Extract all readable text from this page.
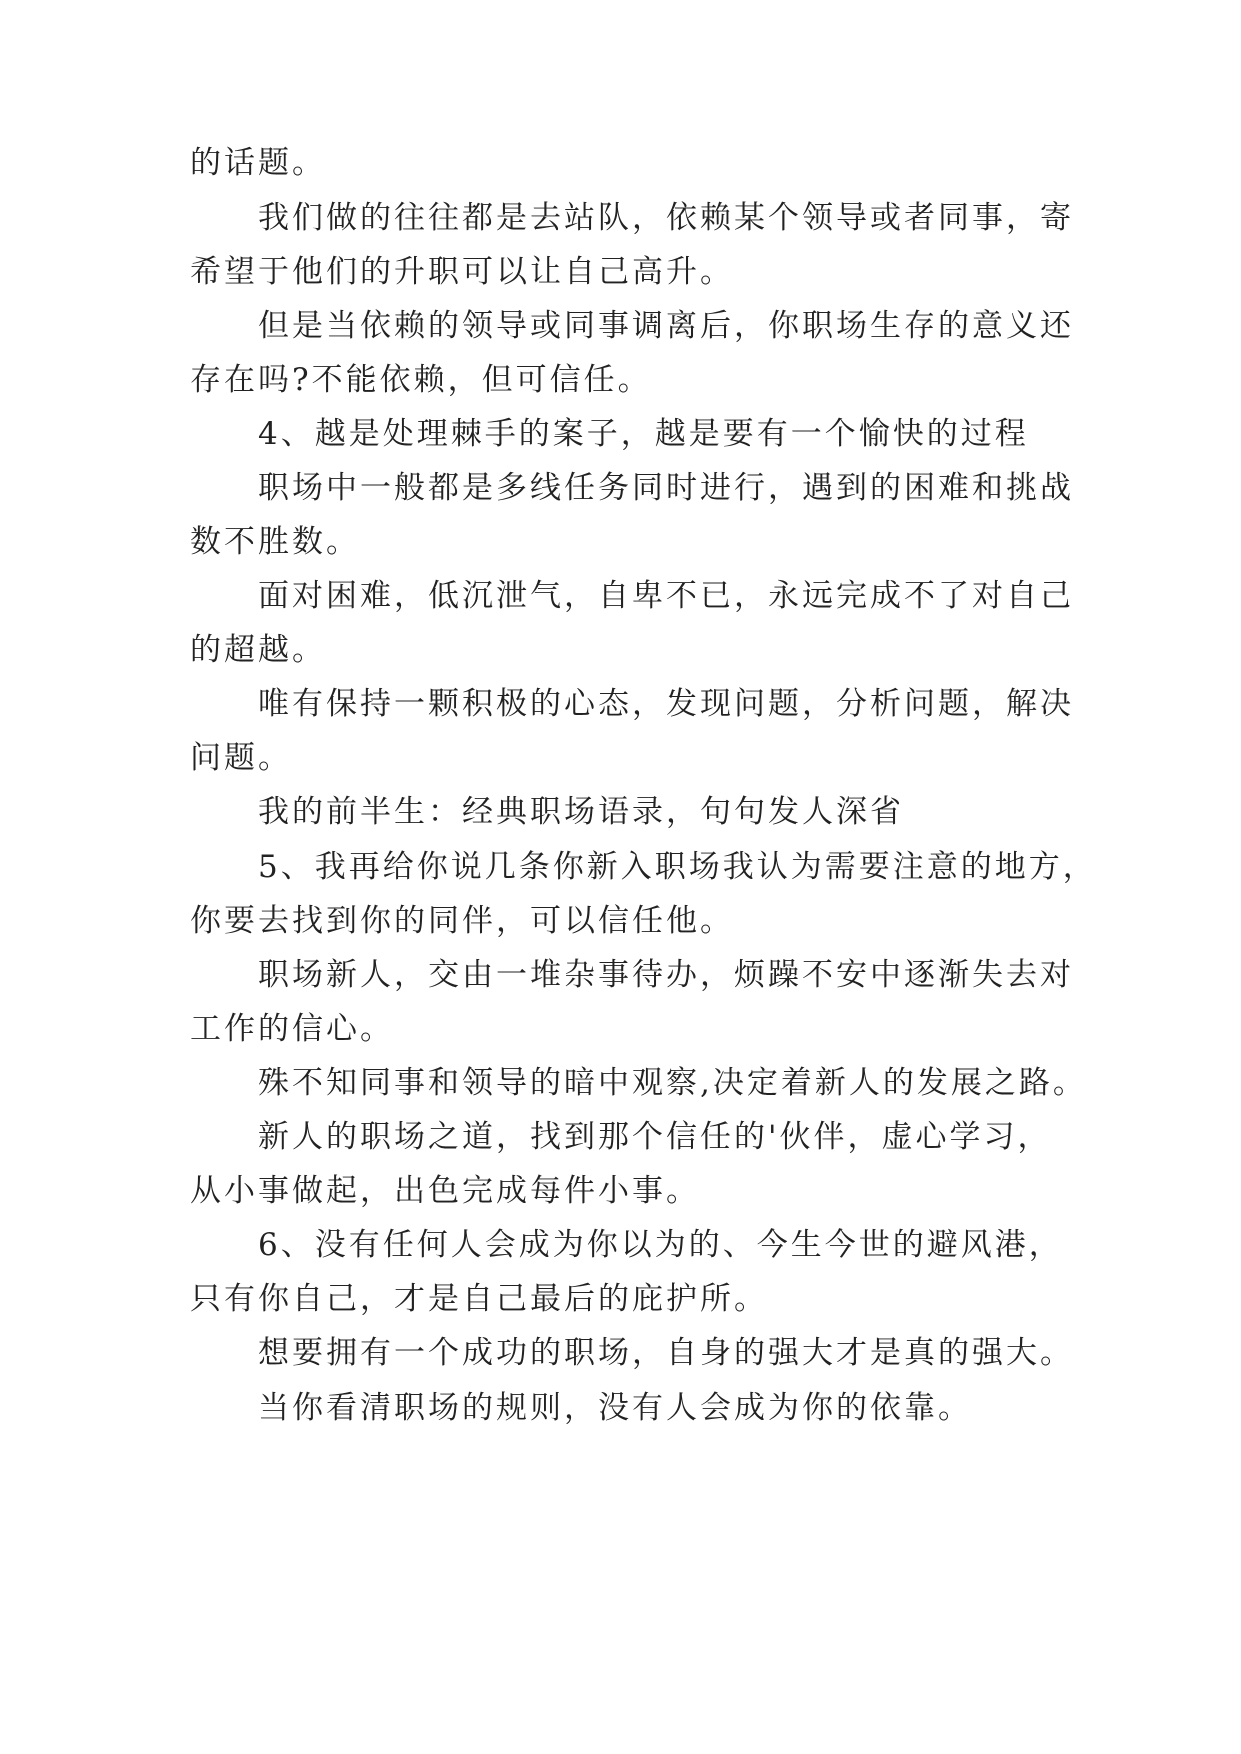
的话题。
我们做的往往都是去站队，依赖某个领导或者同事，寄
希望于他们的升职可以让自己高升。
但是当依赖的领导或同事调离后，你职场生存的意义还
存在吗?不能依赖，但可信任。
4、越是处理棘手的案子，越是要有一个愉快的过程
职场中一般都是多线任务同时进行，遇到的困难和挑战
数不胜数。
面对困难，低沉泄气，自卑不已，永远完成不了对自己
的超越。
唯有保持一颗积极的心态，发现问题，分析问题，解决
问题。
我的前半生：经典职场语录，句句发人深省
5、我再给你说几条你新入职场我认为需要注意的地方，
你要去找到你的同伴，可以信任他。
职场新人，交由一堆杂事待办，烦躁不安中逐渐失去对
工作的信心。
殊不知同事和领导的暗中观察,决定着新人的发展之路。
新人的职场之道，找到那个信任的'伙伴，虚心学习，
从小事做起，出色完成每件小事。
6、没有任何人会成为你以为的、今生今世的避风港，
只有你自己，才是自己最后的庇护所。
想要拥有一个成功的职场，自身的强大才是真的强大。
当你看清职场的规则，没有人会成为你的依靠。
